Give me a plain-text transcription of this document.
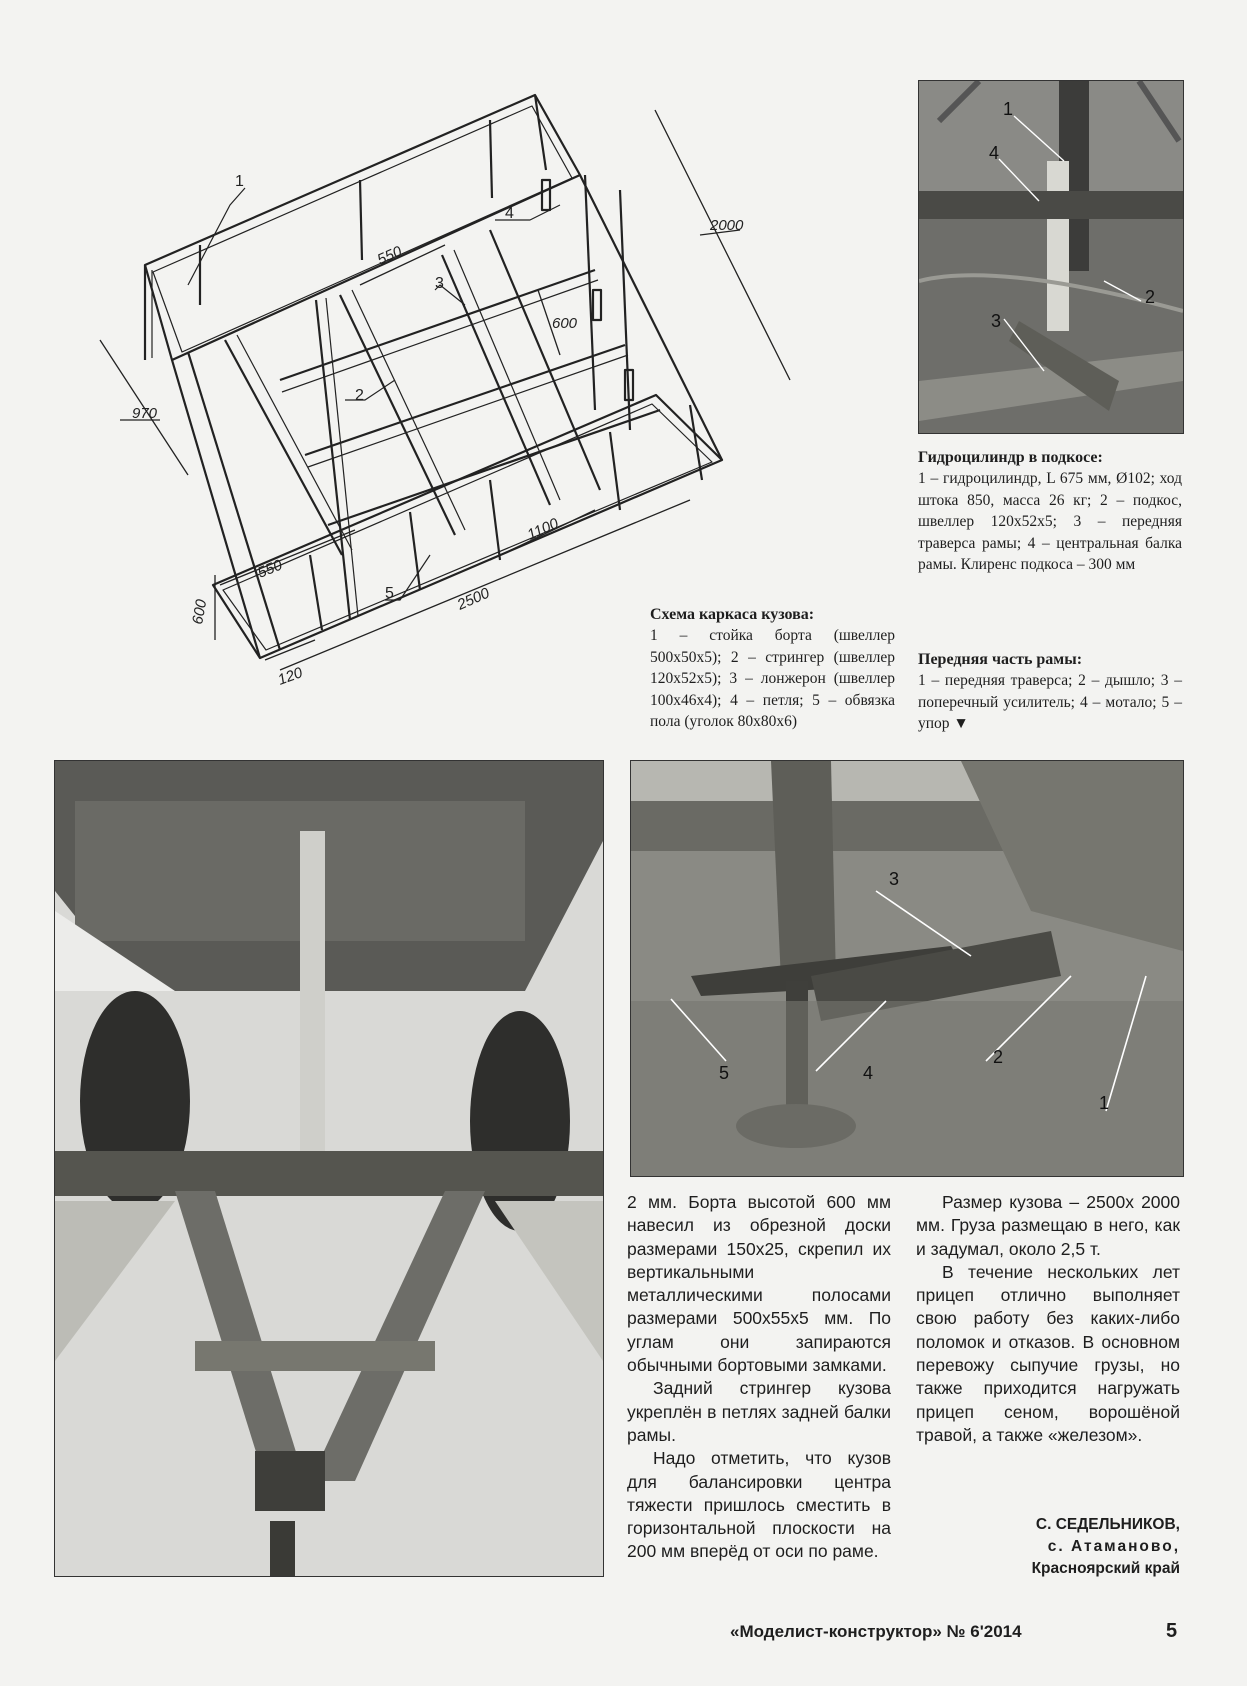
1
2
3
4
5
2000
550
600
970
550
1100
2500
600
120
Схема каркаса кузова:
1 – стойка борта (швеллер 500х50х5); 2 – стрингер (швеллер 120х52х5); 3 – лонжерон (швеллер 100х46х4); 4 – петля; 5 – обвязка пола (уголок 80х80х6)
1
4
2
3
Гидроцилиндр в подкосе:
1 – гидроцилиндр, L 675 мм, Ø102; ход штока 850, масса 26 кг; 2 – подкос, швеллер 120х52х5; 3 – передняя траверса рамы; 4 – центральная балка рамы. Клиренс подкоса – 300 мм
Передняя часть рамы:
1 – передняя траверса; 2 – дышло; 3 – поперечный усилитель; 4 – мотало; 5 – упор ▼
3
5	4
2
1

2 мм. Борта высотой 600 мм навесил из обрезной доски размерами 150х25, скрепил их вертикальными металлическими полосами размерами 500х55х5 мм. По углам они запираются обычными бортовыми замками.

Задний стрингер кузова укреплён в петлях задней балки рамы.

Надо отметить, что кузов для балансировки центра тяжести пришлось сместить в горизонтальной плоскости на 200 мм вперёд от оси по раме.

Размер кузова – 2500х 2000 мм. Груза размещаю в него, как и задумал, около 2,5 т.

В течение нескольких лет прицеп отлично выполняет свою работу без каких-либо поломок и отказов. В основном перевожу сыпучие грузы, но также приходится нагружать прицеп сеном, ворошёной травой, а также «железом».

С. СЕДЕЛЬНИКОВ,
с. Атаманово,
Красноярский край
«Моделист-конструктор» № 6'2014	5
